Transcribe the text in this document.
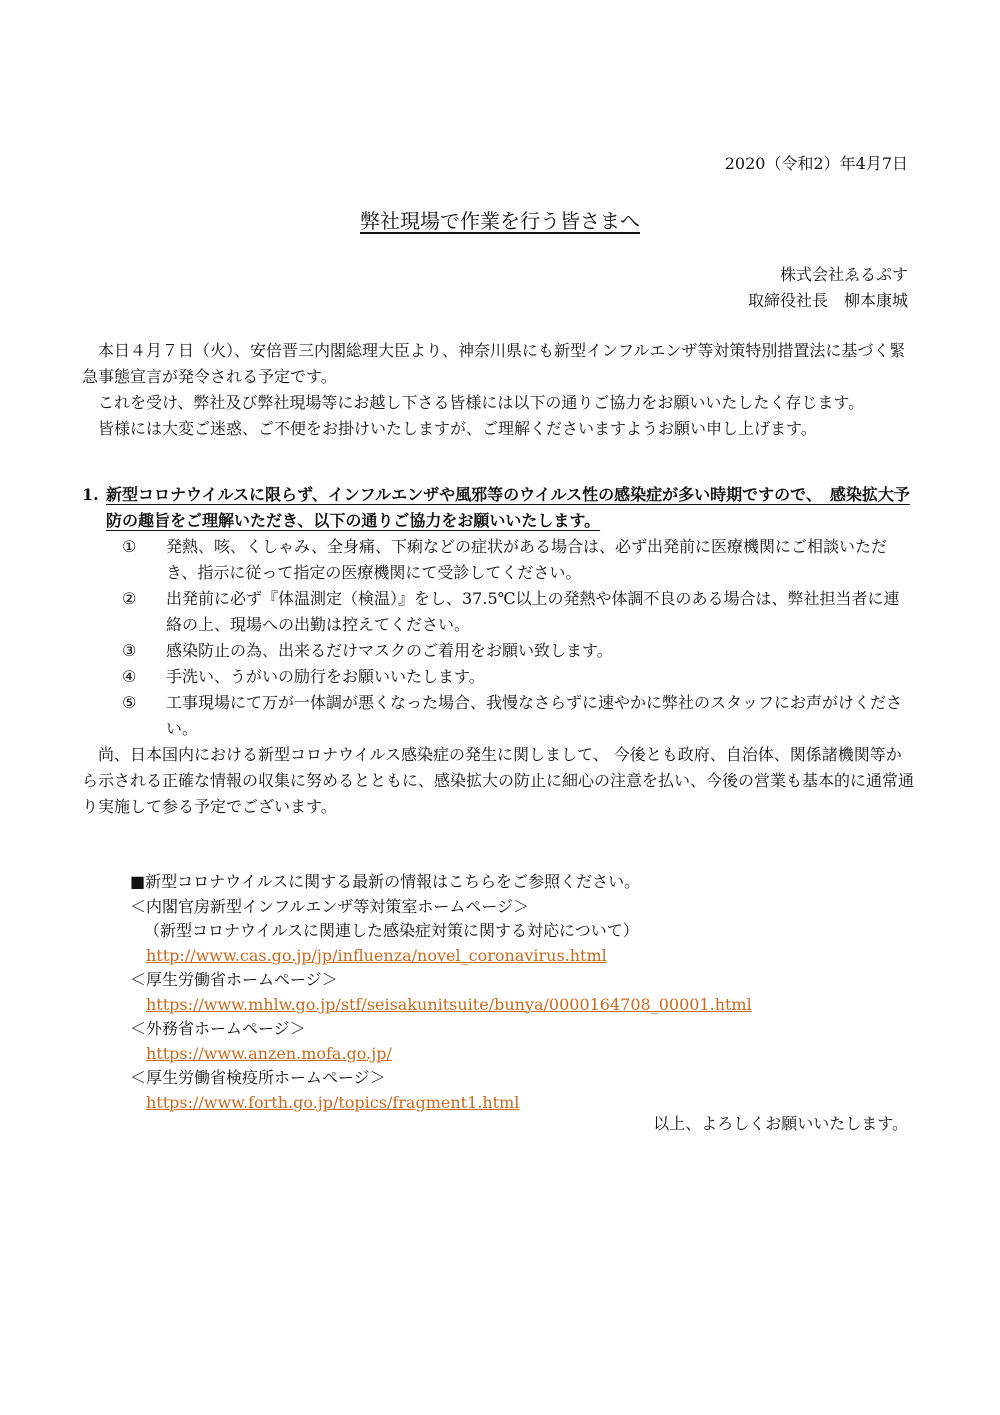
2020（令和2）年4月7日
弊社現場で作業を行う皆さまへ
株式会社ゑるぷす
取締役社長　柳本康城

本日４月７日（火）、安倍晋三内閣総理大臣より、神奈川県にも新型インフルエンザ等対策特別措置法に基づく緊急事態宣言が発令される予定です。

これを受け、弊社及び弊社現場等にお越し下さる皆様には以下の通りご協力をお願いいたしたく存じます。

皆様には大変ご迷惑、ご不便をお掛けいたしますが、ご理解くださいますようお願い申し上げます。

1. 新型コロナウイルスに限らず、インフルエンザや風邪等のウイルス性の感染症が多い時期ですので、　感染拡大予防の趣旨をご理解いただき、以下の通りご協力をお願いいたします。
①	発熱、咳、くしゃみ、全身痛、下痢などの症状がある場合は、必ず出発前に医療機関にご相談いただき、指示に従って指定の医療機関にて受診してください。
②	出発前に必ず『体温測定（検温）』をし、37.5℃以上の発熱や体調不良のある場合は、弊社担当者に連絡の上、現場への出勤は控えてください。
③	感染防止の為、出来るだけマスクのご着用をお願い致します。
④	手洗い、うがいの励行をお願いいたします。
⑤	工事現場にて万が一体調が悪くなった場合、我慢なさらずに速やかに弊社のスタッフにお声がけください。

尚、日本国内における新型コロナウイルス感染症の発生に関しまして、 今後とも政府、自治体、関係諸機関等から示される正確な情報の収集に努めるとともに、感染拡大の防止に細心の注意を払い、今後の営業も基本的に通常通り実施して参る予定でございます。

■新型コロナウイルスに関する最新の情報はこちらをご参照ください。
＜内閣官房新型インフルエンザ等対策室ホームページ＞
（新型コロナウイルスに関連した感染症対策に関する対応について）
http://www.cas.go.jp/jp/influenza/novel_coronavirus.html
＜厚生労働省ホームページ＞
https://www.mhlw.go.jp/stf/seisakunitsuite/bunya/0000164708_00001.html
＜外務省ホームページ＞
https://www.anzen.mofa.go.jp/
＜厚生労働省検疫所ホームページ＞
https://www.forth.go.jp/topics/fragment1.html
以上、よろしくお願いいたします。
